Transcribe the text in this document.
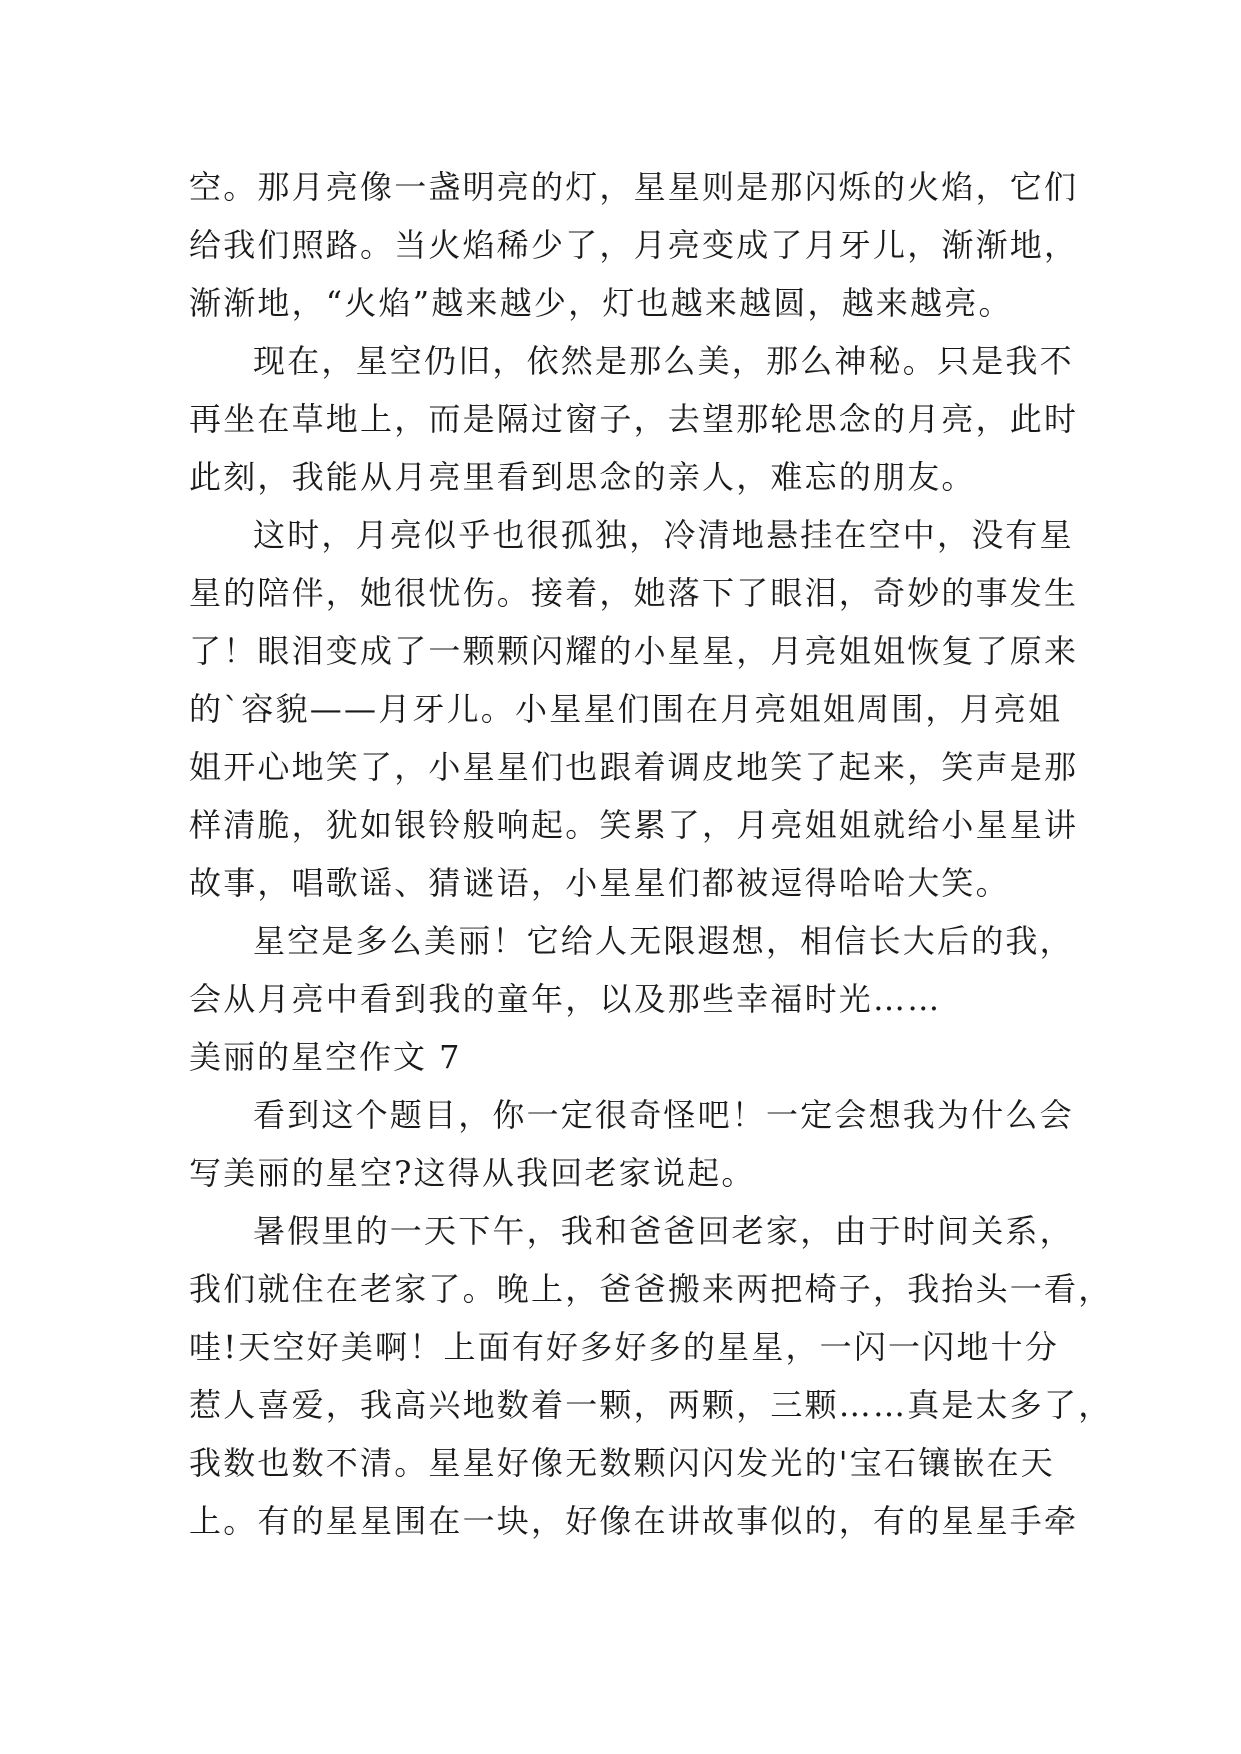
空。那月亮像一盏明亮的灯，星星则是那闪烁的火焰，它们
给我们照路。当火焰稀少了，月亮变成了月牙儿，渐渐地，
渐渐地，“火焰”越来越少，灯也越来越圆，越来越亮。
现在，星空仍旧，依然是那么美，那么神秘。只是我不
再坐在草地上，而是隔过窗子，去望那轮思念的月亮，此时
此刻，我能从月亮里看到思念的亲人，难忘的朋友。
这时，月亮似乎也很孤独，冷清地悬挂在空中，没有星
星的陪伴，她很忧伤。接着，她落下了眼泪，奇妙的事发生
了！眼泪变成了一颗颗闪耀的小星星，月亮姐姐恢复了原来
的`容貌——月牙儿。小星星们围在月亮姐姐周围，月亮姐
姐开心地笑了，小星星们也跟着调皮地笑了起来，笑声是那
样清脆，犹如银铃般响起。笑累了，月亮姐姐就给小星星讲
故事，唱歌谣、猜谜语，小星星们都被逗得哈哈大笑。
星空是多么美丽！它给人无限遐想，相信长大后的我，
会从月亮中看到我的童年，以及那些幸福时光……
美丽的星空作文 7
看到这个题目，你一定很奇怪吧！一定会想我为什么会
写美丽的星空?这得从我回老家说起。
暑假里的一天下午，我和爸爸回老家，由于时间关系，
我们就住在老家了。晚上，爸爸搬来两把椅子，我抬头一看，
哇!天空好美啊！上面有好多好多的星星，一闪一闪地十分
惹人喜爱，我高兴地数着一颗，两颗，三颗……真是太多了，
我数也数不清。星星好像无数颗闪闪发光的'宝石镶嵌在天
上。有的星星围在一块，好像在讲故事似的，有的星星手牵
